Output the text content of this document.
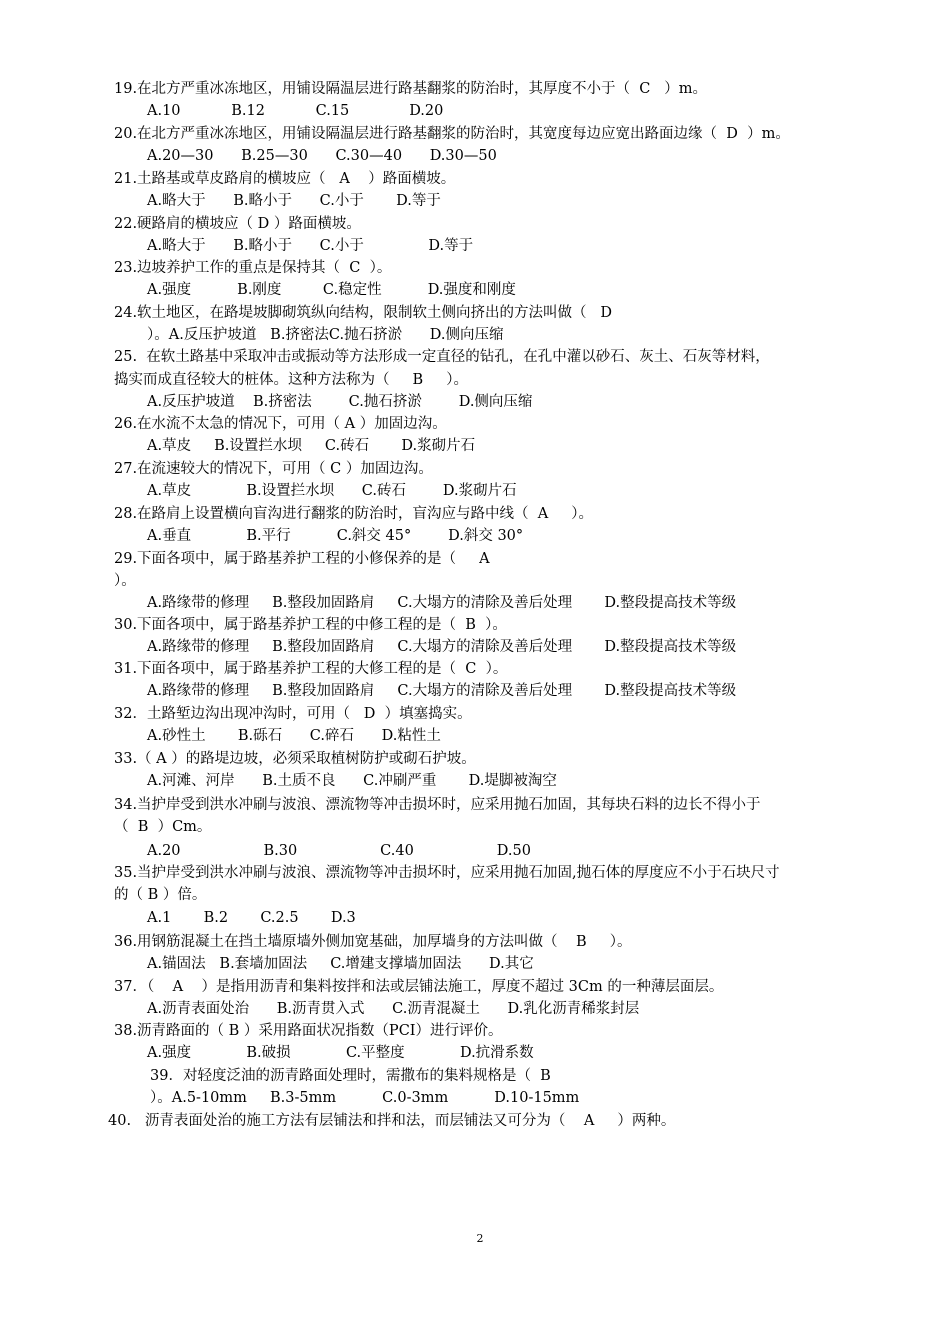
19.在北方严重冰冻地区，用铺设隔温层进行路基翻浆的防治时，其厚度不小于（  C   ）m。
A.10           B.12           C.15             D.20
20.在北方严重冰冻地区，用铺设隔温层进行路基翻浆的防治时，其宽度每边应宽出路面边缘（  D  ）m。
A.20—30      B.25—30      C.30—40      D.30—50
21.土路基或草皮路肩的横坡应（   A    ）路面横坡。
A.略大于      B.略小于      C.小于       D.等于
22.硬路肩的横坡应（ D ）路面横坡。
A.略大于      B.略小于      C.小于              D.等于
23.边坡养护工作的重点是保持其（  C  ）。
A.强度          B.刚度         C.稳定性          D.强度和刚度
24.软土地区，在路堤坡脚砌筑纵向结构，限制软土侧向挤出的方法叫做（   D
）。A.反压护坡道   B.挤密法C.抛石挤淤      D.侧向压缩
25.  在软土路基中采取冲击或振动等方法形成一定直径的钻孔，在孔中灌以砂石、灰土、石灰等材料，
捣实而成直径较大的桩体。这种方法称为（     B     ）。
A.反压护坡道    B.挤密法        C.抛石挤淤        D.侧向压缩
26.在水流不太急的情况下，可用（ A ）加固边沟。
A.草皮     B.设置拦水坝     C.砖石       D.浆砌片石
27.在流速较大的情况下，可用（ C ）加固边沟。
A.草皮            B.设置拦水坝      C.砖石        D.浆砌片石
28.在路肩上设置横向盲沟进行翻浆的防治时，盲沟应与路中线（  A     ）。
A.垂直            B.平行          C.斜交 45°        D.斜交 30°
29.下面各项中，属于路基养护工程的小修保养的是（     A
）。
A.路缘带的修理     B.整段加固路肩     C.大塌方的清除及善后处理       D.整段提高技术等级
30.下面各项中，属于路基养护工程的中修工程的是（  B  ）。
A.路缘带的修理     B.整段加固路肩     C.大塌方的清除及善后处理       D.整段提高技术等级
31.下面各项中，属于路基养护工程的大修工程的是（  C  ）。
A.路缘带的修理     B.整段加固路肩     C.大塌方的清除及善后处理       D.整段提高技术等级
32．土路堑边沟出现冲沟时，可用（   D  ）填塞捣实。
A.砂性土       B.砾石      C.碎石      D.粘性土
33.（ A ）的路堤边坡，必须采取植树防护或砌石护坡。
A.河滩、河岸      B.土质不良      C.冲刷严重       D.堤脚被淘空
34.当护岸受到洪水冲刷与波浪、漂流物等冲击损坏时，应采用抛石加固，其每块石料的边长不得小于
（  B  ）Cm。
A.20                  B.30                  C.40                  D.50
35.当护岸受到洪水冲刷与波浪、漂流物等冲击损坏时，应采用抛石加固,抛石体的厚度应不小于石块尺寸
的（ B ）倍。
A.1       B.2       C.2.5       D.3
36.用钢筋混凝土在挡土墙原墙外侧加宽基础，加厚墙身的方法叫做（    B     ）。
A.锚固法   B.套墙加固法     C.增建支撑墙加固法      D.其它
37．（    A    ）是指用沥青和集料按拌和法或层铺法施工，厚度不超过 3Cm 的一种薄层面层。
A.沥青表面处治      B.沥青贯入式      C.沥青混凝土      D.乳化沥青稀浆封层
38.沥青路面的（ B ）采用路面状况指数（PCI）进行评价。
A.强度            B.破损            C.平整度            D.抗滑系数
39．对轻度泛油的沥青路面处理时，需撒布的集料规格是（  B
）。A.5-10mm     B.3-5mm          C.0-3mm          D.10-15mm
40.   沥青表面处治的施工方法有层铺法和拌和法，而层铺法又可分为（    A     ）两种。
2
